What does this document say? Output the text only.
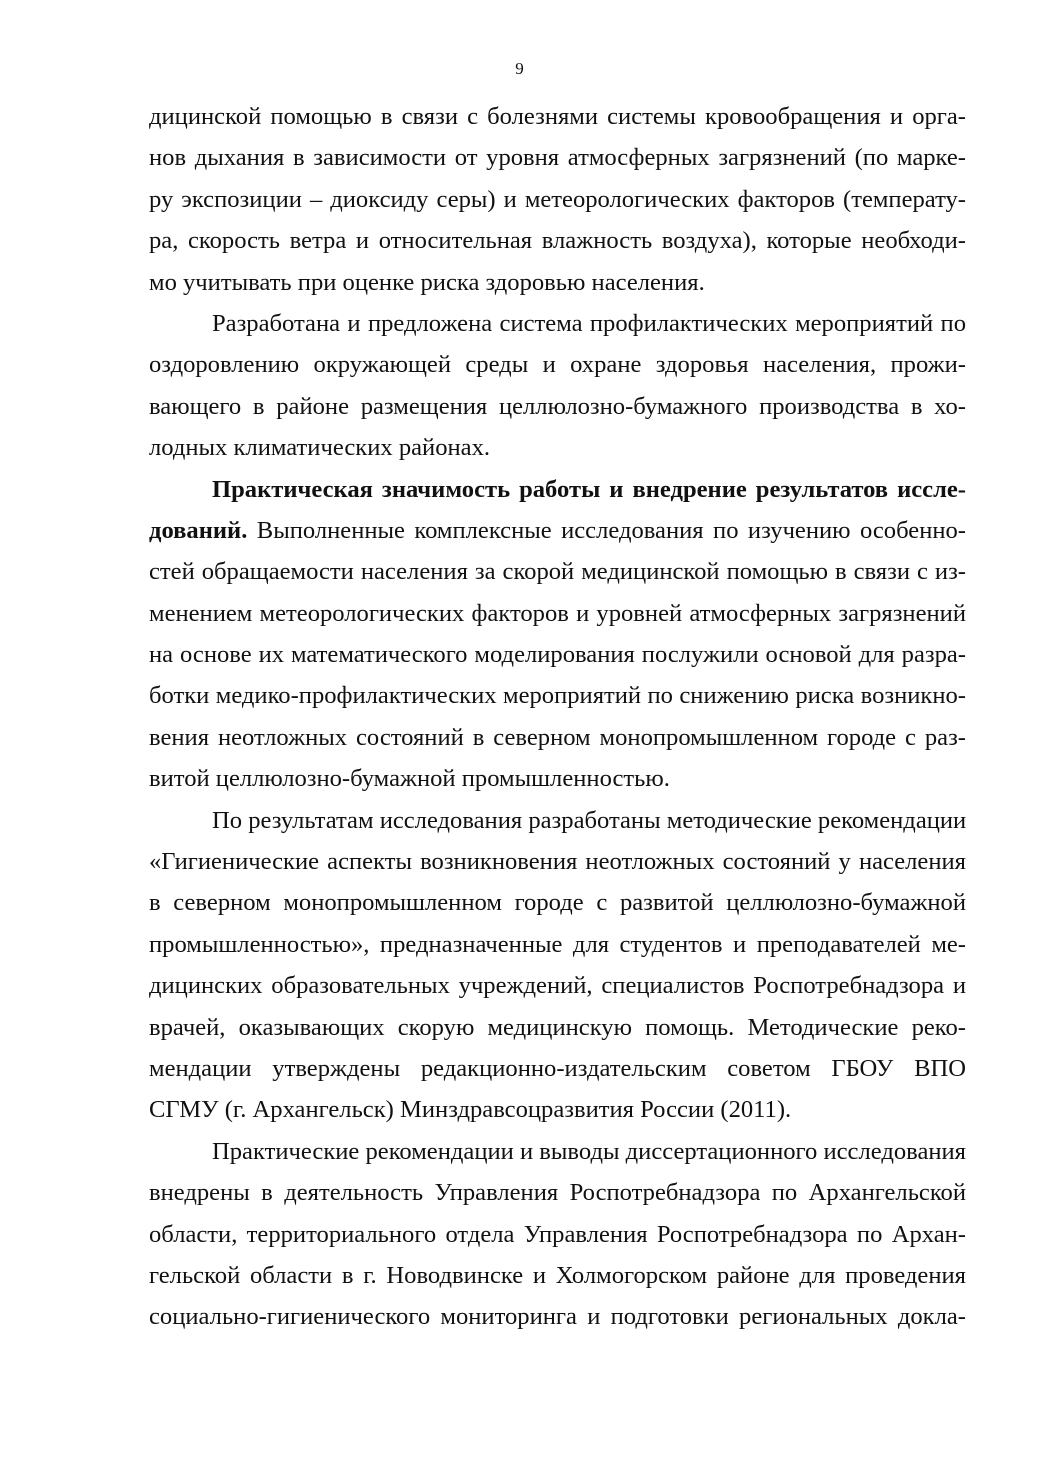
9
дицинской помощью в связи с болезнями системы кровообращения и орга-
нов дыхания в зависимости от уровня атмосферных загрязнений (по марке-
ру экспозиции – диоксиду серы) и метеорологических факторов (температу-
ра, скорость ветра и относительная влажность воздуха), которые необходи-
мо учитывать при оценке риска здоровью населения.
Разработана и предложена система профилактических мероприятий по
оздоровлению окружающей среды и охране здоровья населения, прожи-
вающего в районе размещения целлюлозно-бумажного производства в хо-
лодных климатических районах.
Практическая значимость работы и внедрение результатов иссле-
дований. Выполненные комплексные исследования по изучению особенно-
стей обращаемости населения за скорой медицинской помощью в связи с из-
менением метеорологических факторов и уровней атмосферных загрязнений
на основе их математического моделирования послужили основой для разра-
ботки медико-профилактических мероприятий по снижению риска возникно-
вения неотложных состояний в северном монопромышленном городе с раз-
витой целлюлозно-бумажной промышленностью.
По результатам исследования разработаны методические рекомендации
«Гигиенические аспекты возникновения неотложных состояний у населения
в северном монопромышленном городе с развитой целлюлозно-бумажной
промышленностью», предназначенные для студентов и преподавателей ме-
дицинских образовательных учреждений, специалистов Роспотребнадзора и
врачей, оказывающих скорую медицинскую помощь. Методические реко-
мендации утверждены редакционно-издательским советом ГБОУ ВПО
СГМУ (г. Архангельск) Минздравсоцразвития России (2011).
Практические рекомендации и выводы диссертационного исследования
внедрены в деятельность Управления Роспотребнадзора по Архангельской
области, территориального отдела Управления Роспотребнадзора по Архан-
гельской области в г. Новодвинске и Холмогорском районе для проведения
социально-гигиенического мониторинга и подготовки региональных докла-
